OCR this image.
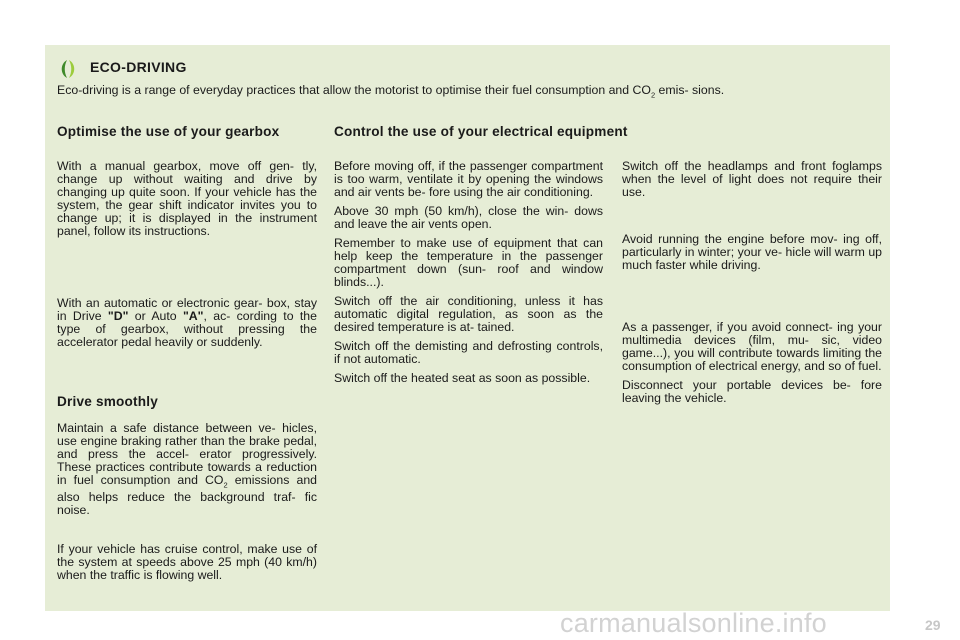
ECO-DRIVING

Eco-driving is a range of everyday practices that allow the motorist to optimise their fuel consumption and $CO_2$ emis- sions.

Optimise the use of your gearbox

With a manual gearbox, move off gen- tly, change up without waiting and drive by changing up quite soon. If your vehicle has the system, the gear shift indicator invites you to change up; it is displayed in the instrument panel, follow its instructions.

With an automatic or electronic gear- box, stay in Drive "D" or Auto "A", ac- cording to the type of gearbox, without pressing the accelerator pedal heavily or suddenly.

Drive smoothly

Maintain a safe distance between ve- hicles, use engine braking rather than the brake pedal, and press the accel- erator progressively. These practices contribute towards a reduction in fuel consumption and $CO_2$ emissions and also helps reduce the background traf- fic noise.

If your vehicle has cruise control, make use of the system at speeds above 25 mph (40 km/h) when the traffic is flowing well.

Control the use of your electrical equipment
Before moving off, if the passenger compartment is too warm, ventilate it by opening the windows and air vents be- fore using the air conditioning.
Above 30 mph (50 km/h), close the win- dows and leave the air vents open.
Remember to make use of equipment that can help keep the temperature in the passenger compartment down (sun- roof and window blinds...).
Switch off the air conditioning, unless it has automatic digital regulation, as soon as the desired temperature is at- tained.
Switch off the demisting and defrosting controls, if not automatic.
Switch off the heated seat as soon as possible.

Switch off the headlamps and front foglamps when the level of light does not require their use.

Avoid running the engine before mov- ing off, particularly in winter; your ve- hicle will warm up much faster while driving.

As a passenger, if you avoid connect- ing your multimedia devices (film, mu- sic, video game...), you will contribute towards limiting the consumption of electrical energy, and so of fuel.
Disconnect your portable devices be- fore leaving the vehicle.
carmanualsonline.info	29
